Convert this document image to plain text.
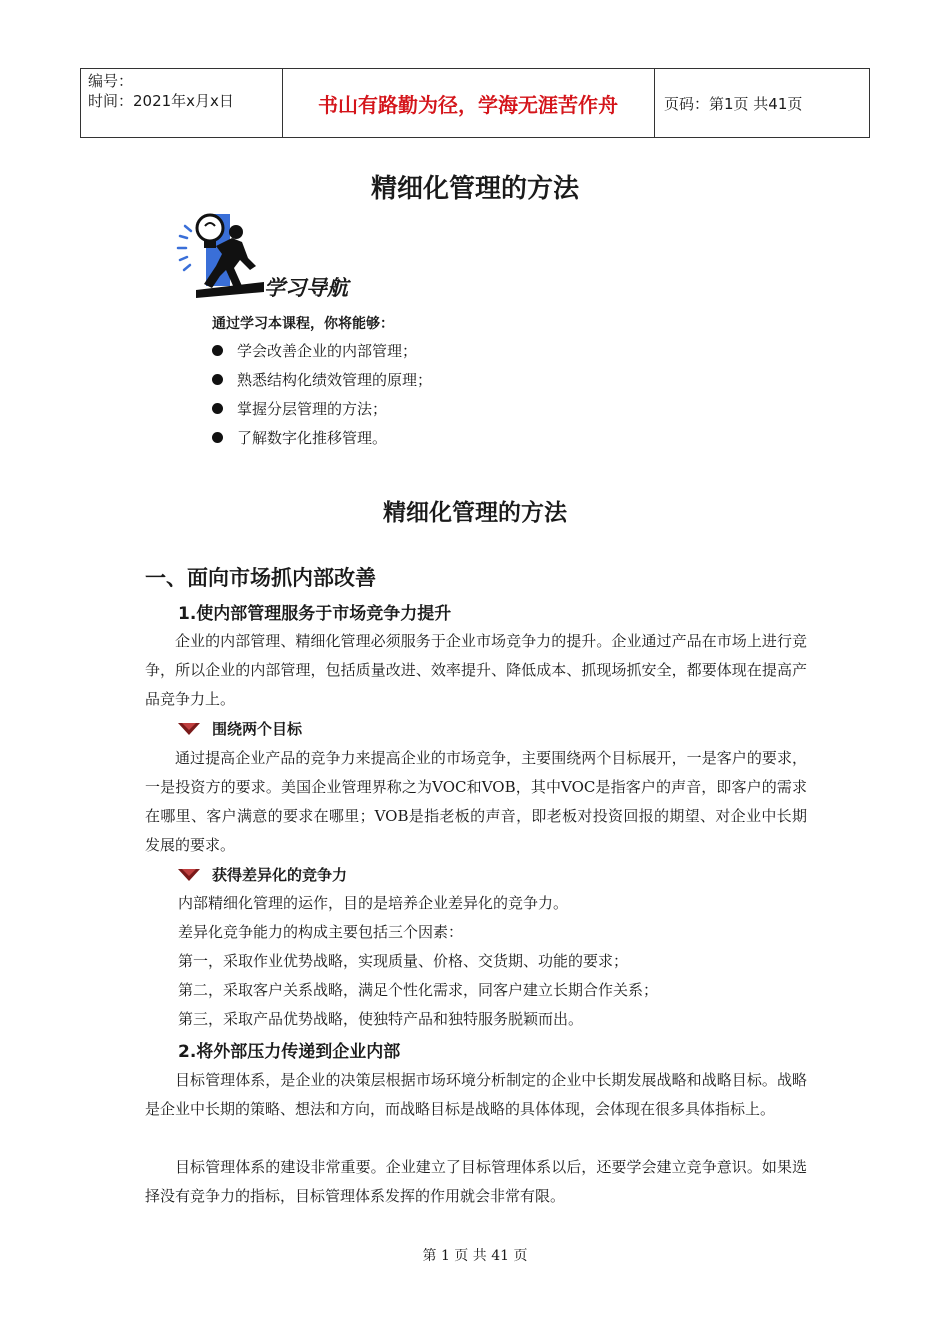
编号：
时间：2021年x月x日	书山有路勤为径，学海无涯苦作舟	页码：第1页 共41页
精细化管理的方法
学习导航
通过学习本课程，你将能够：
学会改善企业的内部管理；
熟悉结构化绩效管理的原理；
掌握分层管理的方法；
了解数字化推移管理。
精细化管理的方法
一、面向市场抓内部改善
1.使内部管理服务于市场竞争力提升
企业的内部管理、精细化管理必须服务于企业市场竞争力的提升。企业通过产品在市场上进行竞争，所以企业的内部管理，包括质量改进、效率提升、降低成本、抓现场抓安全，都要体现在提高产品竞争力上。
围绕两个目标
通过提高企业产品的竞争力来提高企业的市场竞争，主要围绕两个目标展开，一是客户的要求，一是投资方的要求。美国企业管理界称之为VOC和VOB，其中VOC是指客户的声音，即客户的需求在哪里、客户满意的要求在哪里；VOB是指老板的声音，即老板对投资回报的期望、对企业中长期发展的要求。
获得差异化的竞争力
内部精细化管理的运作，目的是培养企业差异化的竞争力。
差异化竞争能力的构成主要包括三个因素：
第一，采取作业优势战略，实现质量、价格、交货期、功能的要求；
第二，采取客户关系战略，满足个性化需求，同客户建立长期合作关系；
第三，采取产品优势战略，使独特产品和独特服务脱颖而出。
2.将外部压力传递到企业内部
目标管理体系，是企业的决策层根据市场环境分析制定的企业中长期发展战略和战略目标。战略是企业中长期的策略、想法和方向，而战略目标是战略的具体体现，会体现在很多具体指标上。
目标管理体系的建设非常重要。企业建立了目标管理体系以后，还要学会建立竞争意识。如果选择没有竞争力的指标，目标管理体系发挥的作用就会非常有限。
第 1 页 共 41 页
